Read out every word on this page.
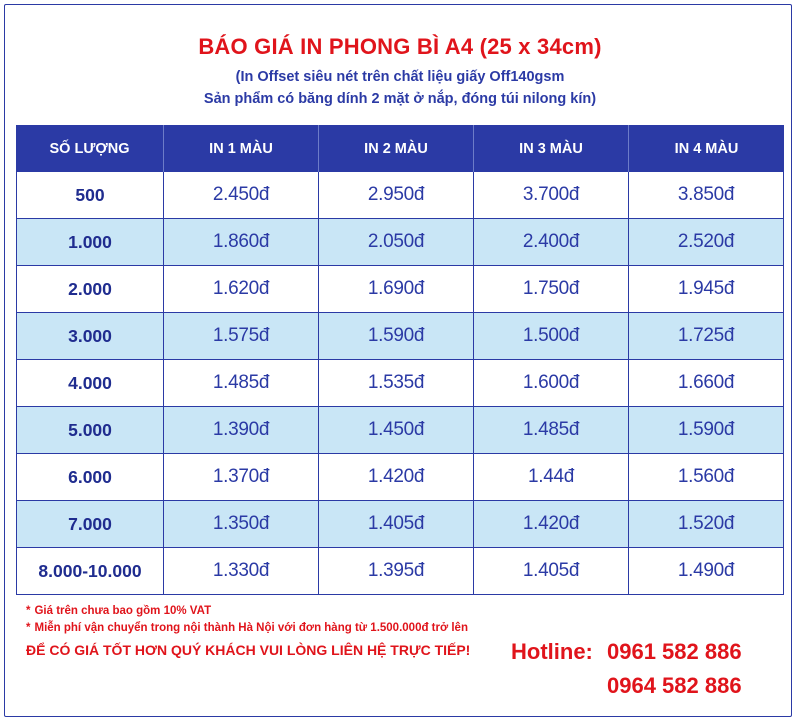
BÁO GIÁ IN PHONG BÌ A4 (25 x 34cm)
(In Offset siêu nét trên chất liệu giấy Off140gsm
Sản phẩm có băng dính 2 mặt ở nắp, đóng túi nilong kín)
SỐ LƯỢNG	IN 1 MÀU	IN 2 MÀU	IN 3 MÀU	IN 4 MÀU
500	2.450đ	2.950đ	3.700đ	3.850đ
1.000	1.860đ	2.050đ	2.400đ	2.520đ
2.000	1.620đ	1.690đ	1.750đ	1.945đ
3.000	1.575đ	1.590đ	1.500đ	1.725đ
4.000	1.485đ	1.535đ	1.600đ	1.660đ
5.000	1.390đ	1.450đ	1.485đ	1.590đ
6.000	1.370đ	1.420đ	1.44đ	1.560đ
7.000	1.350đ	1.405đ	1.420đ	1.520đ
8.000-10.000	1.330đ	1.395đ	1.405đ	1.490đ
* Giá trên chưa bao gồm 10% VAT
* Miễn phí vận chuyển trong nội thành Hà Nội với đơn hàng từ 1.500.000đ trở lên
ĐỂ CÓ GIÁ TỐT HƠN QUÝ KHÁCH VUI LÒNG LIÊN HỆ TRỰC TIẾP! Hotline: 0961 582 886
0964 582 886
